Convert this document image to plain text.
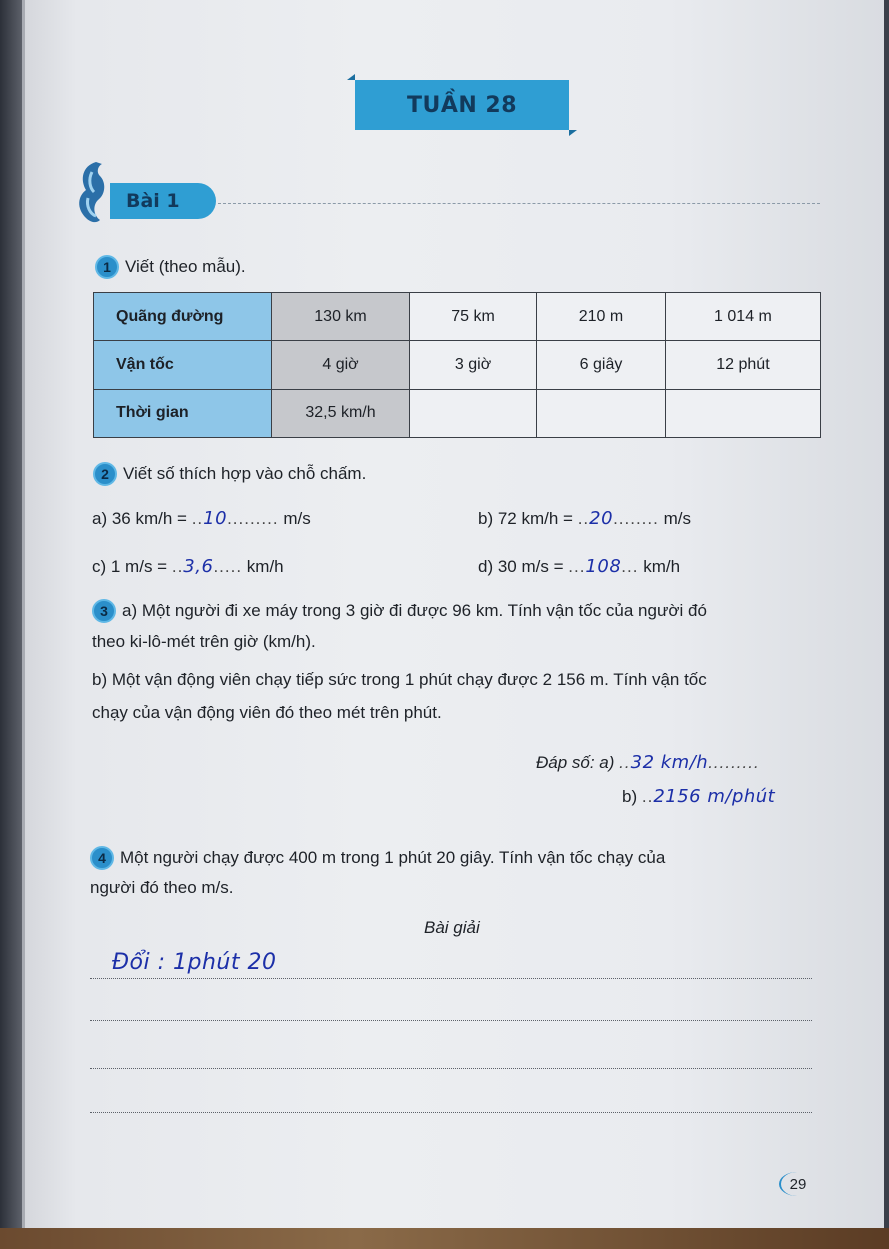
TUẦN 28
Bài 1
1 Viết (theo mẫu).
Quãng đường	130 km	75 km	210 m	1 014 m
Vận tốc	4 giờ	3 giờ	6 giây	12 phút
Thời gian	32,5 km/h			
2 Viết số thích hợp vào chỗ chấm.
a) 36 km/h = ..10......... m/s	b) 72 km/h = ..20........ m/s
c) 1 m/s = ..3,6..... km/h	d) 30 m/s = ...108... km/h
3 a) Một người đi xe máy trong 3 giờ đi được 96 km. Tính vận tốc của người đó
theo ki-lô-mét trên giờ (km/h).
b) Một vận động viên chạy tiếp sức trong 1 phút chạy được 2 156 m. Tính vận tốc
chạy của vận động viên đó theo mét trên phút.
Đáp số: a) ..32 km/h.........
b) ..2156 m/phút
4 Một người chạy được 400 m trong 1 phút 20 giây. Tính vận tốc chạy của
người đó theo m/s.
Bài giải
Đổi : 1phút 20
29
